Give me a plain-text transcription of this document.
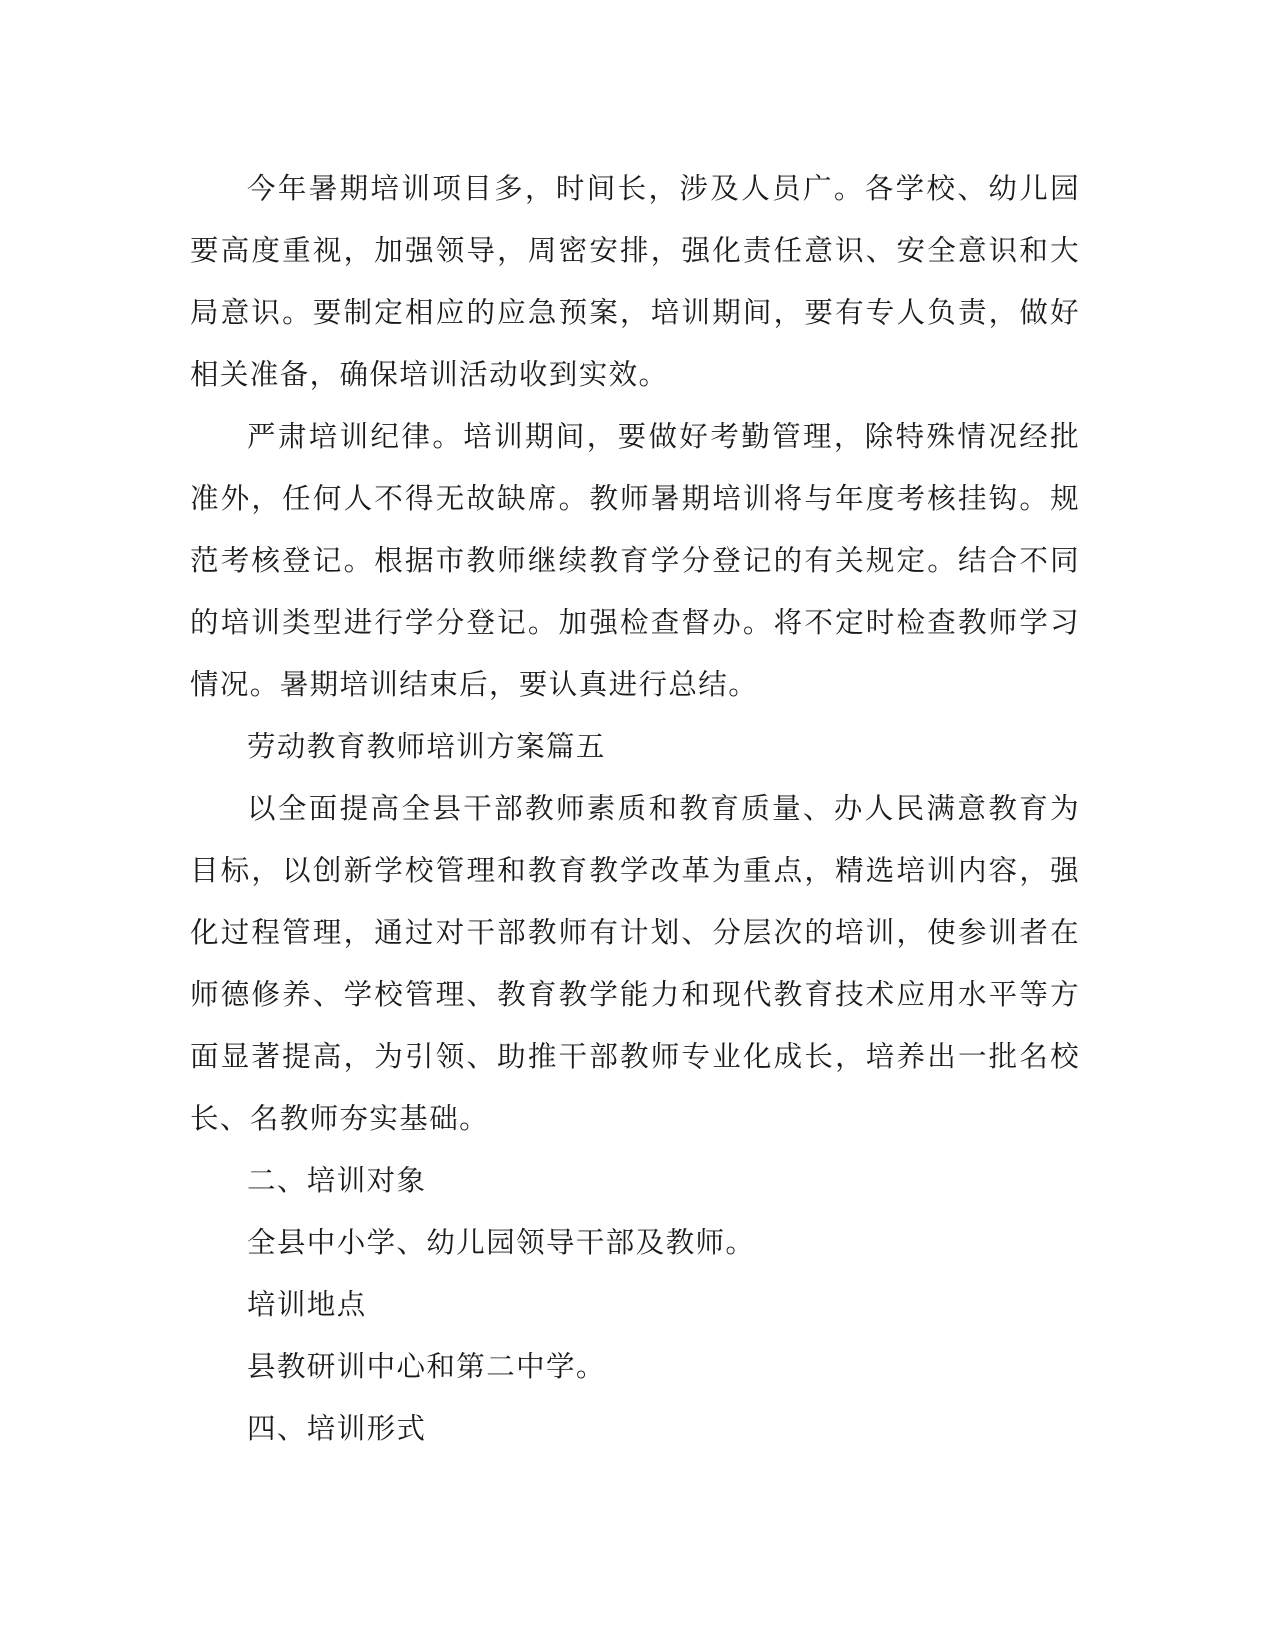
今年暑期培训项目多，时间长，涉及人员广。各学校、幼儿园要高度重视，加强领导，周密安排，强化责任意识、安全意识和大局意识。要制定相应的应急预案，培训期间，要有专人负责，做好相关准备，确保培训活动收到实效。

严肃培训纪律。培训期间，要做好考勤管理，除特殊情况经批准外，任何人不得无故缺席。教师暑期培训将与年度考核挂钩。规范考核登记。根据市教师继续教育学分登记的有关规定。结合不同的培训类型进行学分登记。加强检查督办。将不定时检查教师学习情况。暑期培训结束后，要认真进行总结。

劳动教育教师培训方案篇五

以全面提高全县干部教师素质和教育质量、办人民满意教育为目标，以创新学校管理和教育教学改革为重点，精选培训内容，强化过程管理，通过对干部教师有计划、分层次的培训，使参训者在师德修养、学校管理、教育教学能力和现代教育技术应用水平等方面显著提高，为引领、助推干部教师专业化成长，培养出一批名校长、名教师夯实基础。

二、培训对象

全县中小学、幼儿园领导干部及教师。

培训地点

县教研训中心和第二中学。

四、培训形式
